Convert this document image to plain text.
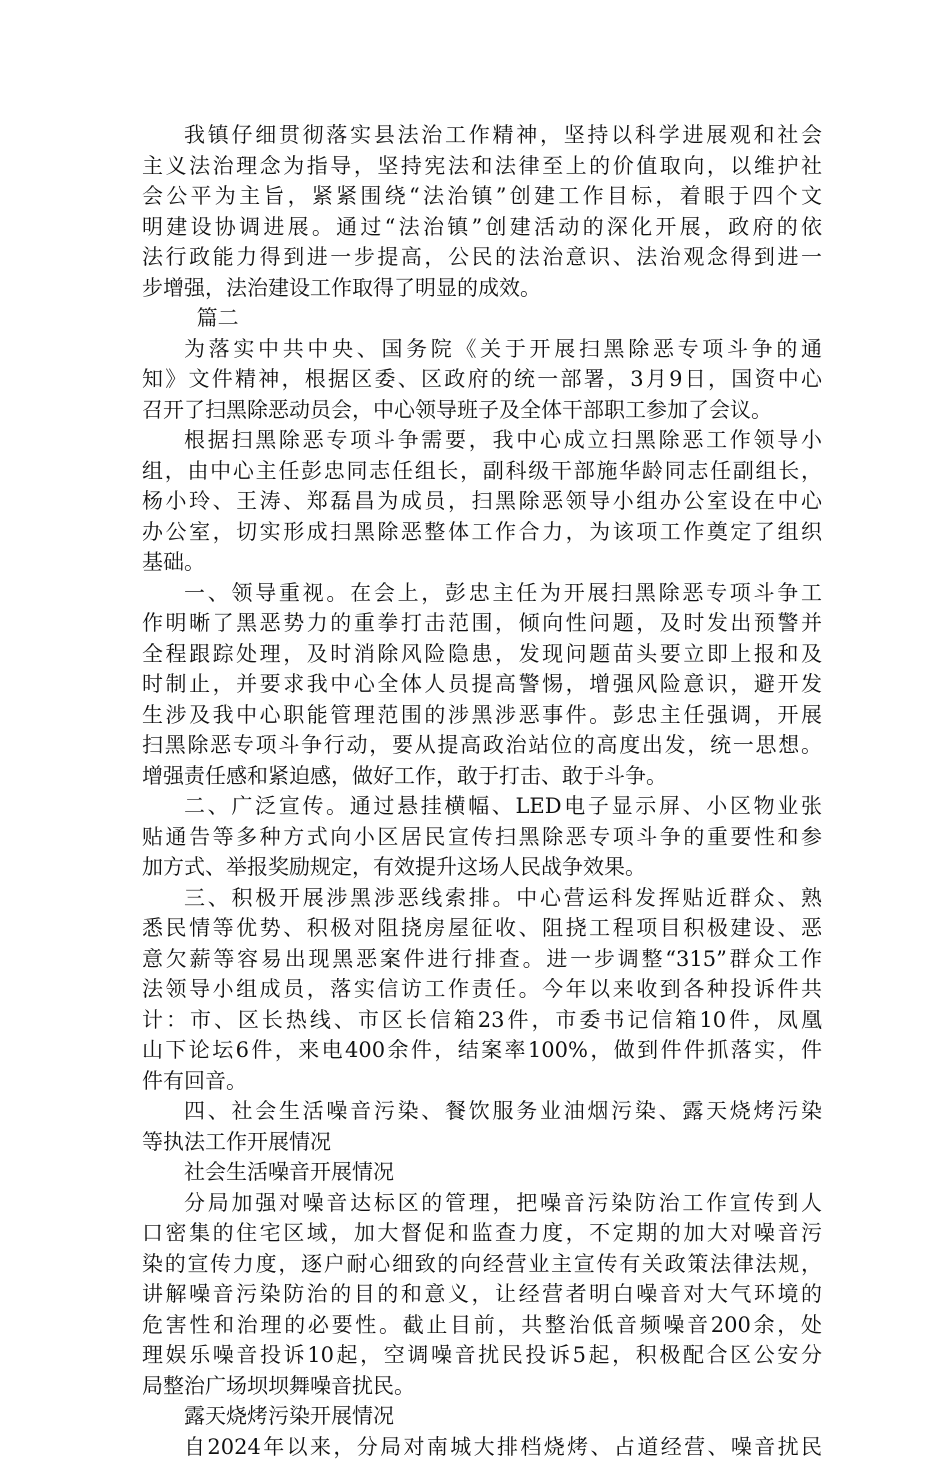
我镇仔细贯彻落实县法治工作精神，坚持以科学进展观和社会
主义法治理念为指导，坚持宪法和法律至上的价值取向，以维护社
会公平为主旨，紧紧围绕“法治镇”创建工作目标，着眼于四个文
明建设协调进展。通过“法治镇”创建活动的深化开展，政府的依
法行政能力得到进一步提高，公民的法治意识、法治观念得到进一
步增强，法治建设工作取得了明显的成效。
篇二
为落实中共中央、国务院《关于开展扫黑除恶专项斗争的通
知》文件精神，根据区委、区政府的统一部署，3月9日，国资中心
召开了扫黑除恶动员会，中心领导班子及全体干部职工参加了会议。
根据扫黑除恶专项斗争需要，我中心成立扫黑除恶工作领导小
组，由中心主任彭忠同志任组长，副科级干部施华龄同志任副组长，
杨小玲、王涛、郑磊昌为成员，扫黑除恶领导小组办公室设在中心
办公室，切实形成扫黑除恶整体工作合力，为该项工作奠定了组织
基础。
一、领导重视。在会上，彭忠主任为开展扫黑除恶专项斗争工
作明晰了黑恶势力的重拳打击范围，倾向性问题，及时发出预警并
全程跟踪处理，及时消除风险隐患，发现问题苗头要立即上报和及
时制止，并要求我中心全体人员提高警惕，增强风险意识，避开发
生涉及我中心职能管理范围的涉黑涉恶事件。彭忠主任强调，开展
扫黑除恶专项斗争行动，要从提高政治站位的高度出发，统一思想。
增强责任感和紧迫感，做好工作，敢于打击、敢于斗争。
二、广泛宣传。通过悬挂横幅、LED电子显示屏、小区物业张
贴通告等多种方式向小区居民宣传扫黑除恶专项斗争的重要性和参
加方式、举报奖励规定，有效提升这场人民战争效果。
三、积极开展涉黑涉恶线索排。中心营运科发挥贴近群众、熟
悉民情等优势、积极对阻挠房屋征收、阻挠工程项目积极建设、恶
意欠薪等容易出现黑恶案件进行排查。进一步调整“315”群众工作
法领导小组成员，落实信访工作责任。今年以来收到各种投诉件共
计：市、区长热线、市区长信箱23件，市委书记信箱10件，凤凰
山下论坛6件，来电400余件，结案率100%，做到件件抓落实，件
件有回音。
四、社会生活噪音污染、餐饮服务业油烟污染、露天烧烤污染
等执法工作开展情况
社会生活噪音开展情况
分局加强对噪音达标区的管理，把噪音污染防治工作宣传到人
口密集的住宅区域，加大督促和监查力度，不定期的加大对噪音污
染的宣传力度，逐户耐心细致的向经营业主宣传有关政策法律法规，
讲解噪音污染防治的目的和意义，让经营者明白噪音对大气环境的
危害性和治理的必要性。截止目前，共整治低音频噪音200余，处
理娱乐噪音投诉10起，空调噪音扰民投诉5起，积极配合区公安分
局整治广场坝坝舞噪音扰民。
露天烧烤污染开展情况
自2024年以来，分局对南城大排档烧烤、占道经营、噪音扰民
